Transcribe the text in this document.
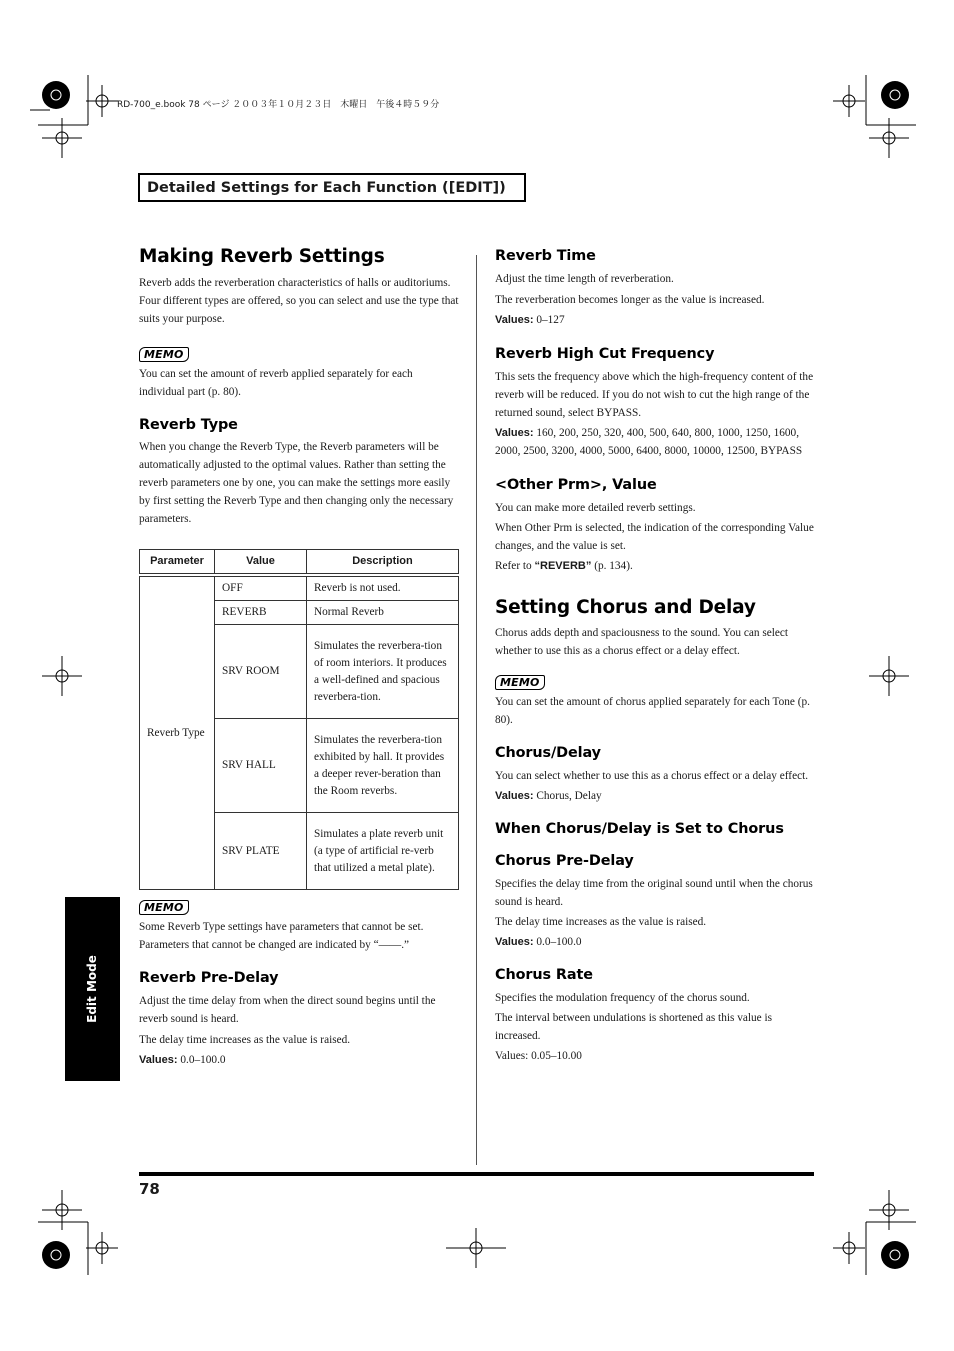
RD-700_e.book 78 ページ ２００３年１０月２３日　木曜日　午後４時５９分
Detailed Settings for Each Function ([EDIT])
Edit Mode
Making Reverb Settings

Reverb adds the reverberation characteristics of halls or auditoriums. Four different types are offered, so you can select and use the type that suits your purpose.

MEMO

You can set the amount of reverb applied separately for each individual part (p. 80).

Reverb Type

When you change the Reverb Type, the Reverb parameters will be automatically adjusted to the optimal values. Rather than setting the reverb parameters one by one, you can make the settings more easily by first setting the Reverb Type and then changing only the necessary parameters.

Parameter	Value	Description

Reverb Type	OFF	Reverb is not used.
	REVERB	Normal Reverb
	SRV ROOM	Simulates the reverbera-tion of room interiors. It produces a well-defined and spacious reverbera-tion.
	SRV HALL	Simulates the reverbera-tion exhibited by hall. It provides a deeper rever-beration than the Room reverbs.
	SRV PLATE	Simulates a plate reverb unit (a type of artificial re-verb that utilized a metal plate).
MEMO

Some Reverb Type settings have parameters that cannot be set. Parameters that cannot be changed are indicated by “——.”

Reverb Pre-Delay

Adjust the time delay from when the direct sound begins until the reverb sound is heard.

The delay time increases as the value is raised.

Values: 0.0–100.0

Reverb Time

Adjust the time length of reverberation.

The reverberation becomes longer as the value is increased.

Values: 0–127

Reverb High Cut Frequency

This sets the frequency above which the high-frequency content of the reverb will be reduced. If you do not wish to cut the high range of the returned sound, select BYPASS.

Values: 160, 200, 250, 320, 400, 500, 640, 800, 1000, 1250, 1600, 2000, 2500, 3200, 4000, 5000, 6400, 8000, 10000, 12500, BYPASS

<Other Prm>, Value

You can make more detailed reverb settings.

When Other Prm is selected, the indication of the corresponding Value changes, and the value is set.

Refer to “REVERB” (p. 134).

Setting Chorus and Delay

Chorus adds depth and spaciousness to the sound. You can select whether to use this as a chorus effect or a delay effect.

MEMO

You can set the amount of chorus applied separately for each Tone (p. 80).

Chorus/Delay

You can select whether to use this as a chorus effect or a delay effect.

Values: Chorus, Delay

When Chorus/Delay is Set to Chorus
Chorus Pre-Delay

Specifies the delay time from the original sound until when the chorus sound is heard.

The delay time increases as the value is raised.

Values: 0.0–100.0

Chorus Rate

Specifies the modulation frequency of the chorus sound.

The interval between undulations is shortened as this value is increased.

Values: 0.05–10.00

78
